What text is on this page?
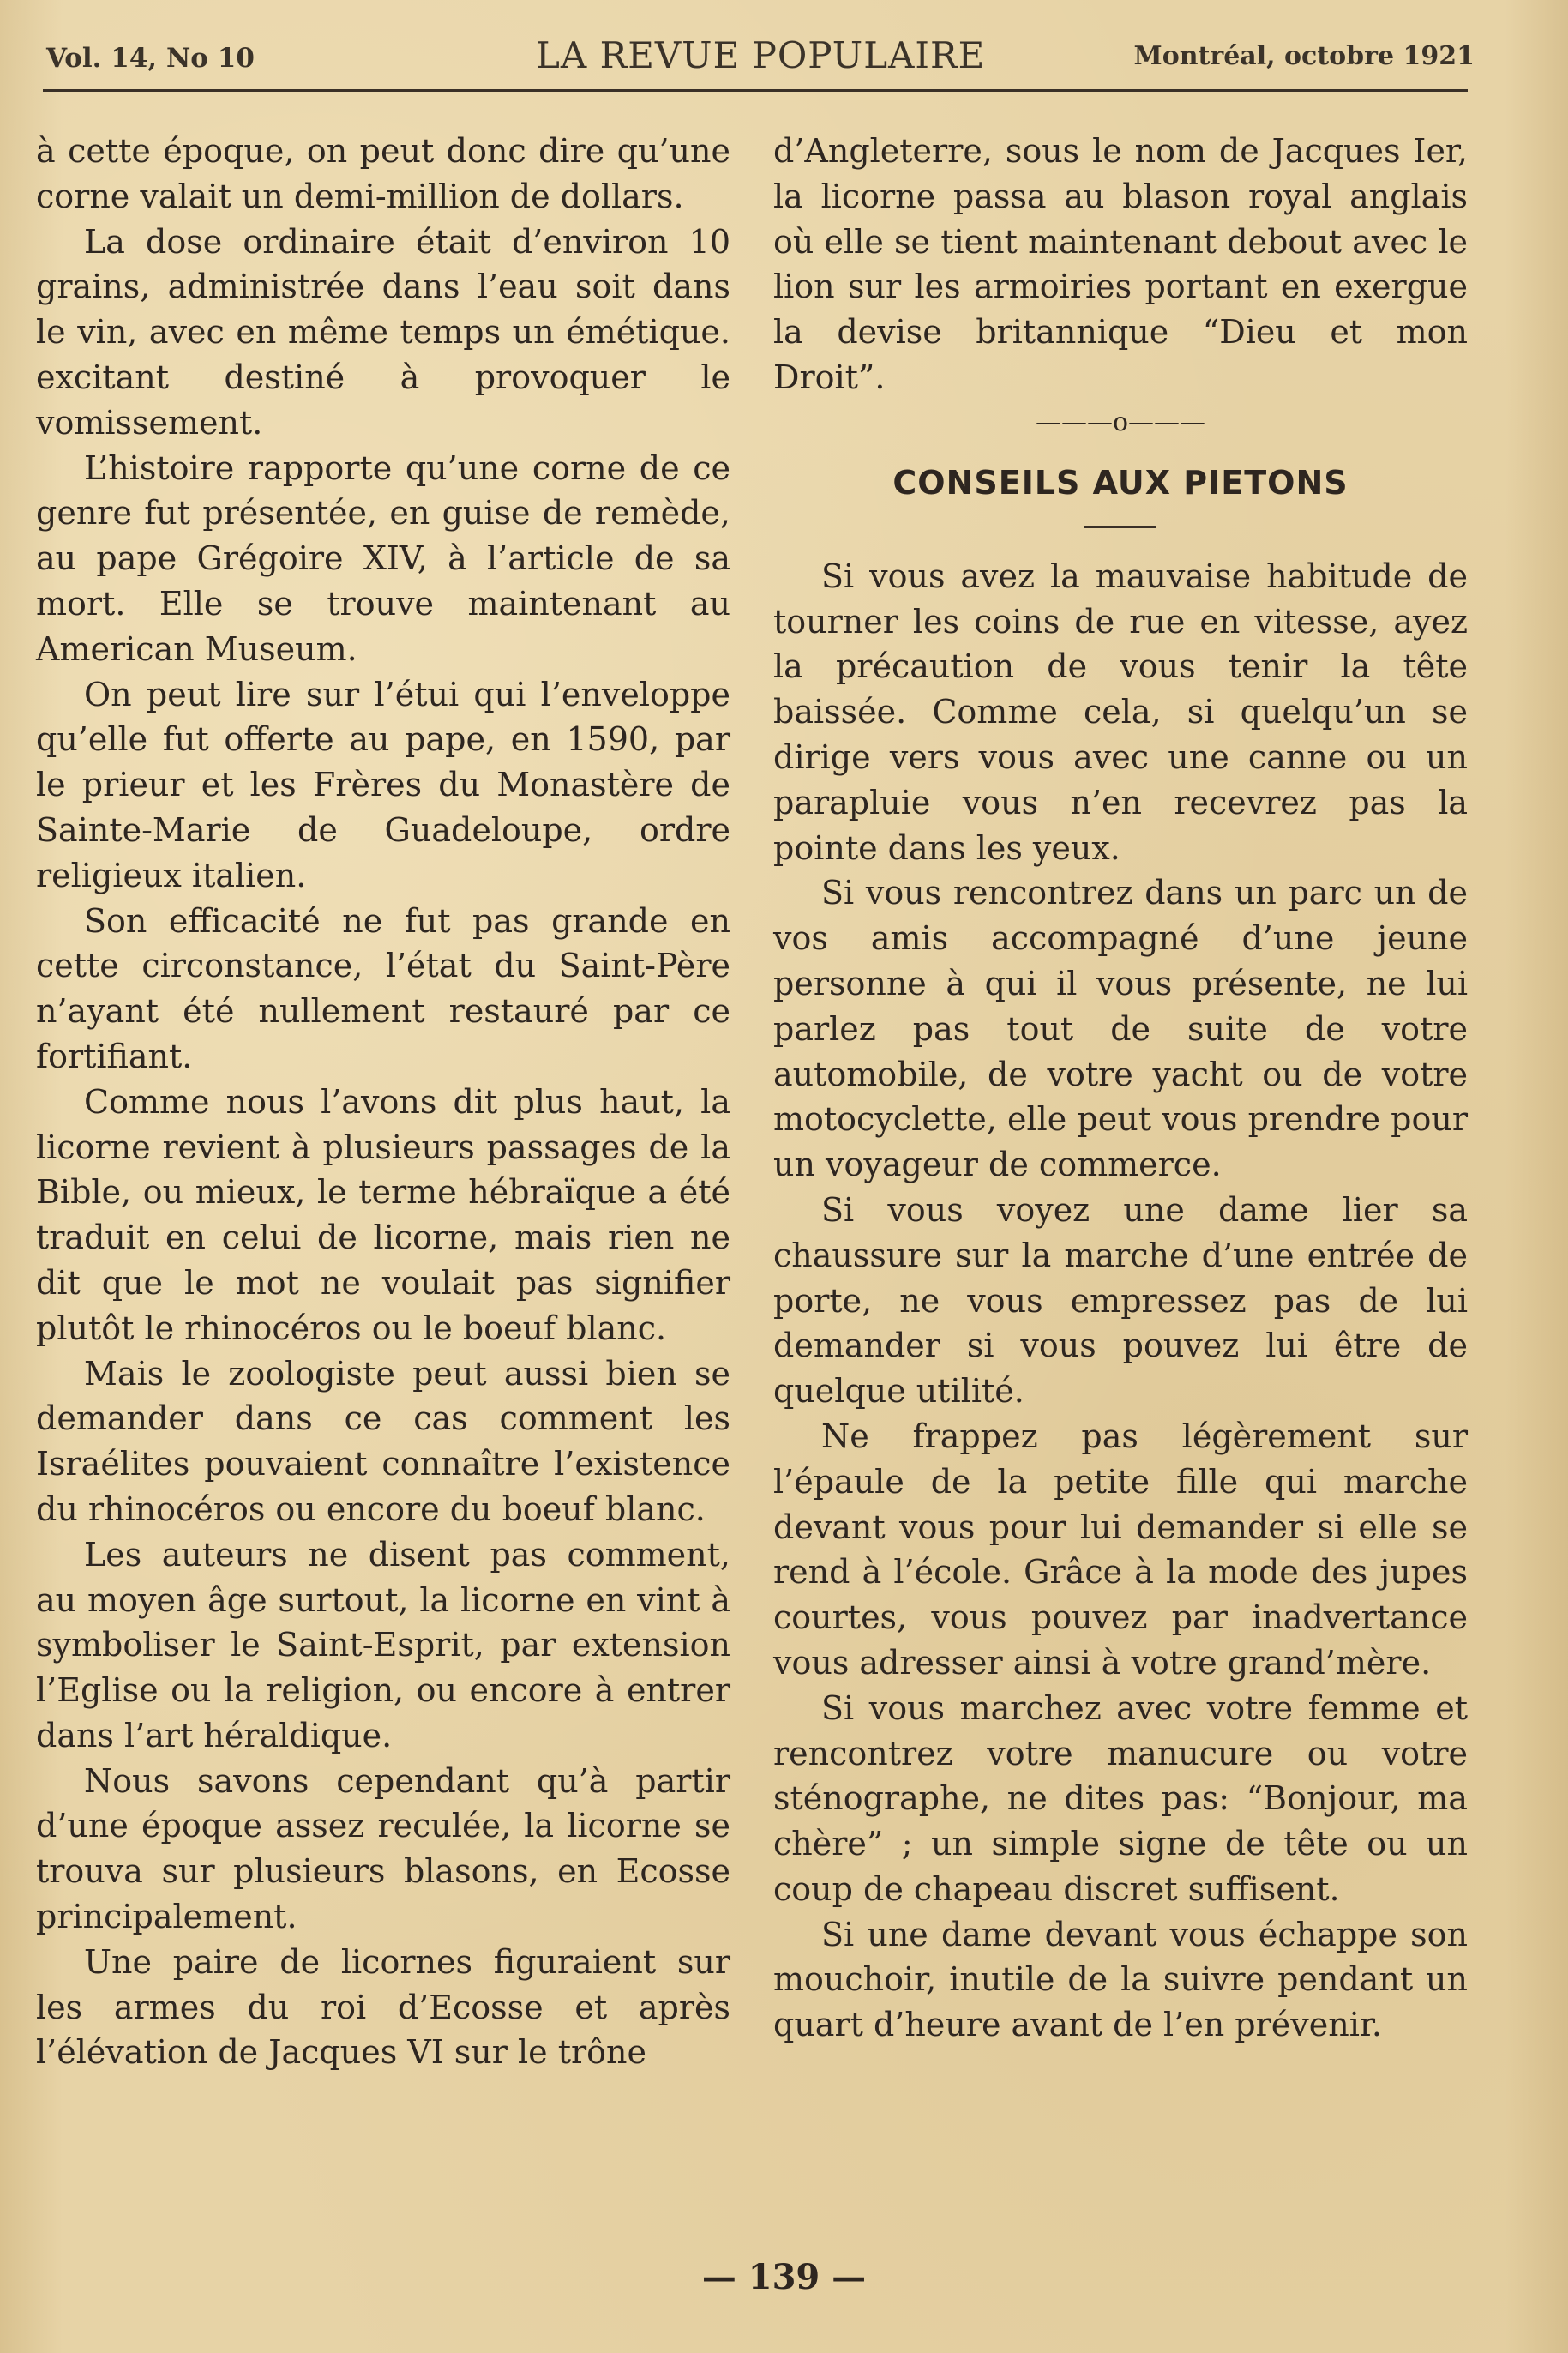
Vol. 14, No 10	LA REVUE POPULAIRE	Montréal, octobre 1921

à cette époque, on peut donc dire qu’une corne valait un demi-million de dollars.

La dose ordinaire était d’environ 10 grains, administrée dans l’eau soit dans le vin, avec en même temps un émétique. excitant destiné à provoquer le vomissement.

L’histoire rapporte qu’une corne de ce genre fut présentée, en guise de remède, au pape Grégoire XIV, à l’article de sa mort. Elle se trouve maintenant au American Museum.

On peut lire sur l’étui qui l’enveloppe qu’elle fut offerte au pape, en 1590, par le prieur et les Frères du Monastère de Sainte-Marie de Guadeloupe, ordre religieux italien.

Son efficacité ne fut pas grande en cette circonstance, l’état du Saint-Père n’ayant été nullement restauré par ce fortifiant.

Comme nous l’avons dit plus haut, la licorne revient à plusieurs passages de la Bible, ou mieux, le terme hébraïque a été traduit en celui de licorne, mais rien ne dit que le mot ne voulait pas signifier plutôt le rhinocéros ou le boeuf blanc.

Mais le zoologiste peut aussi bien se demander dans ce cas comment les Israélites pouvaient connaître l’existence du rhinocéros ou encore du boeuf blanc.

Les auteurs ne disent pas comment, au moyen âge surtout, la licorne en vint à symboliser le Saint-Esprit, par extension l’Eglise ou la religion, ou encore à entrer dans l’art héraldique.

Nous savons cependant qu’à partir d’une époque assez reculée, la licorne se trouva sur plusieurs blasons, en Ecosse principalement.

Une paire de licornes figuraient sur les armes du roi d’Ecosse et après l’élévation de Jacques VI sur le trône

d’Angleterre, sous le nom de Jacques Ier, la licorne passa au blason royal anglais où elle se tient maintenant debout avec le lion sur les armoiries portant en exergue la devise britannique “Dieu et mon Droit”.

———o———
CONSEILS AUX PIETONS

Si vous avez la mauvaise habitude de tourner les coins de rue en vitesse, ayez la précaution de vous tenir la tête baissée. Comme cela, si quelqu’un se dirige vers vous avec une canne ou un parapluie vous n’en recevrez pas la pointe dans les yeux.

Si vous rencontrez dans un parc un de vos amis accompagné d’une jeune personne à qui il vous présente, ne lui parlez pas tout de suite de votre automobile, de votre yacht ou de votre motocyclette, elle peut vous prendre pour un voyageur de commerce.

Si vous voyez une dame lier sa chaussure sur la marche d’une entrée de porte, ne vous empressez pas de lui demander si vous pouvez lui être de quelque utilité.

Ne frappez pas légèrement sur l’épaule de la petite fille qui marche devant vous pour lui demander si elle se rend à l’école. Grâce à la mode des jupes courtes, vous pouvez par inadvertance vous adresser ainsi à votre grand’mère.

Si vous marchez avec votre femme et rencontrez votre manucure ou votre sténographe, ne dites pas: “Bonjour, ma chère” ; un simple signe de tête ou un coup de chapeau discret suffisent.

Si une dame devant vous échappe son mouchoir, inutile de la suivre pendant un quart d’heure avant de l’en prévenir.

— 139 —
